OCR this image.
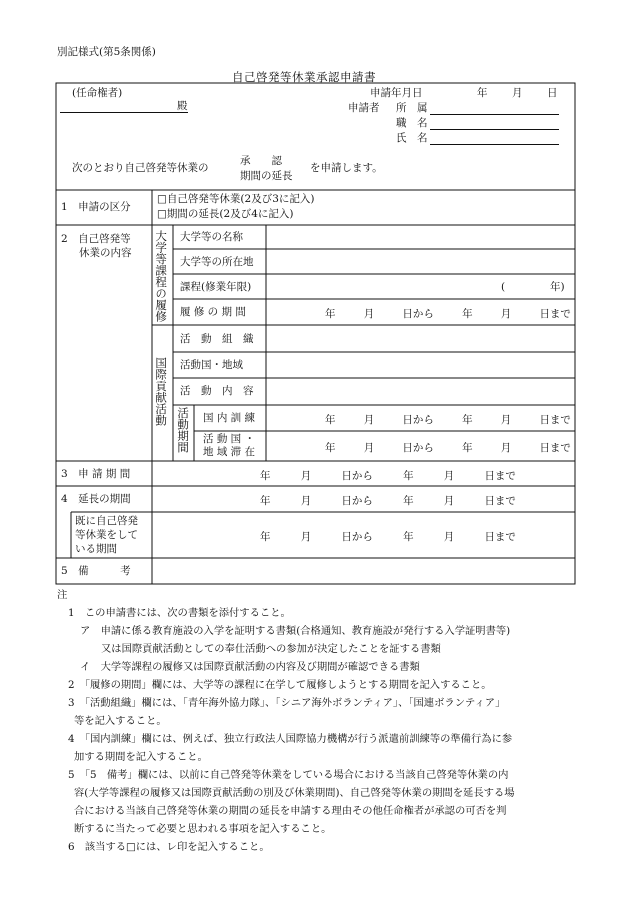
別記様式(第5条関係)
自己啓発等休業承認申請書
(任命権者)
殿
申請年月日	年 月 日
申請者 所　属
職　名
氏　名
次のとおり自己啓発等休業の
承　　認
期間の延長
を申請します。
1　申請の区分
□自己啓発等休業(2及び3に記入)
□期間の延長(2及び4に記入)
2　自己啓発等
休業の内容 大学等課程の履修 大学等の名称
大学等の所在地
課程(修業年限)	(	年)
履 修 の 期 間	年	月	日から	年	月	日まで
国際貢献活動
活　動　組　織
活動国・地域
活　動　内　容
活動期間 国 内 訓 練	年	月	日から	年	月	日まで
活 動 国 ・
地 域 滞 在	年	月	日から	年	月	日まで
3　申 請 期 間	年	月	日から	年	月	日まで
4　延長の期間	年	月	日から	年	月	日まで
既に自己啓発
等休業をして
いる期間
年	月	日から	年	月	日まで
5　備　　　考
注
1　この申請書には、次の書類を添付すること。
ア　申請に係る教育施設の入学を証明する書類(合格通知、教育施設が発行する入学証明書等)
又は国際貢献活動としての奉仕活動への参加が決定したことを証する書類
イ　大学等課程の履修又は国際貢献活動の内容及び期間が確認できる書類
2　「履修の期間」欄には、大学等の課程に在学して履修しようとする期間を記入すること。
3　「活動組織」欄には、「青年海外協力隊」、「シニア海外ボランティア」、「国連ボランティア」
等を記入すること。
4　「国内訓練」欄には、例えば、独立行政法人国際協力機構が行う派遣前訓練等の準備行為に参
加する期間を記入すること。
5　「5　備考」欄には、以前に自己啓発等休業をしている場合における当該自己啓発等休業の内
容(大学等課程の履修又は国際貢献活動の別及び休業期間)、自己啓発等休業の期間を延長する場
合における当該自己啓発等休業の期間の延長を申請する理由その他任命権者が承認の可否を判
断するに当たって必要と思われる事項を記入すること。
6　該当する□には、レ印を記入すること。
